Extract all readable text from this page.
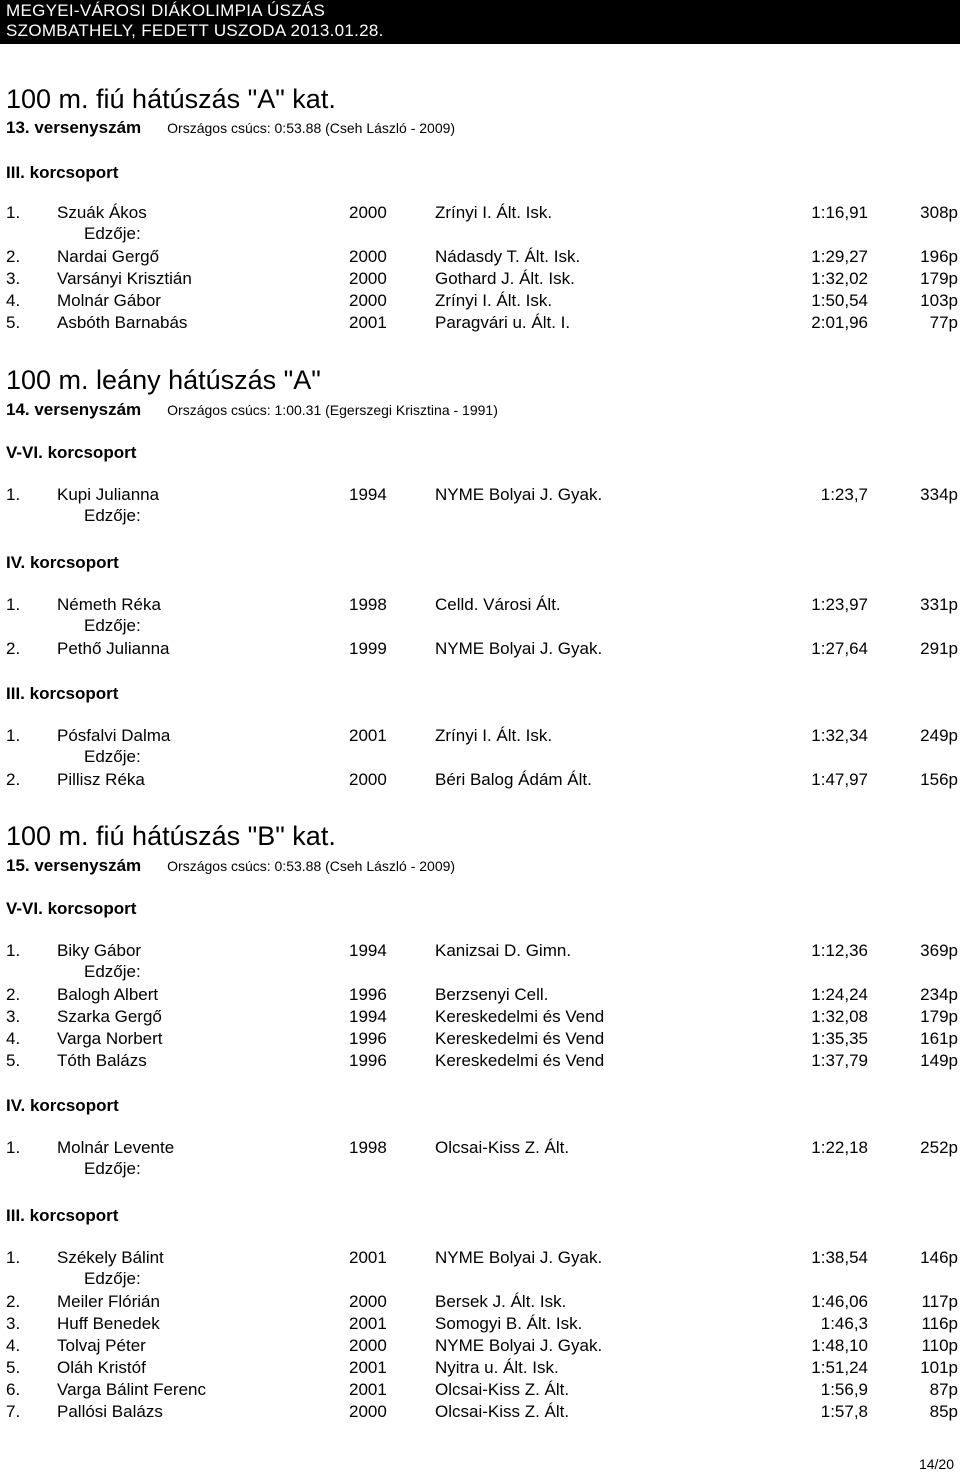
MEGYEI-VÁROSI DIÁKOLIMPIA ÚSZÁS
SZOMBATHELY, FEDETT USZODA 2013.01.28.
100 m. fiú hátúszás "A" kat.
13. versenyszám Országos csúcs: 0:53.88 (Cseh László - 2009)
III. korcsoport
1. Szuák Ákos	2000	Zrínyi I. Ált. Isk.	1:16,91	308p
2. Nardai Gergő	2000	Nádasdy T. Ált. Isk.	1:29,27	196p
3. Varsányi Krisztián	2000	Gothard J. Ált. Isk.	1:32,02	179p
4. Molnár Gábor	2000	Zrínyi I. Ált. Isk.	1:50,54	103p
5. Asbóth Barnabás	2001	Paragvári u. Ált. I.	2:01,96	77p
Edzője:
100 m. leány hátúszás "A"
14. versenyszám Országos csúcs: 1:00.31 (Egerszegi Krisztina - 1991)
V-VI. korcsoport
1. Kupi Julianna	1994	NYME Bolyai J. Gyak.	1:23,7	334p
Edzője:
IV. korcsoport
1. Németh Réka	1998	Celld. Városi Ált.	1:23,97	331p
2. Pethő Julianna	1999	NYME Bolyai J. Gyak.	1:27,64	291p
Edzője:
III. korcsoport
1. Pósfalvi Dalma	2001	Zrínyi I. Ált. Isk.	1:32,34	249p
2. Pillisz Réka	2000	Béri Balog Ádám Ált.	1:47,97	156p
Edzője:
100 m. fiú hátúszás "B" kat.
15. versenyszám Országos csúcs: 0:53.88 (Cseh László - 2009)
V-VI. korcsoport
1. Biky Gábor	1994	Kanizsai D. Gimn.	1:12,36	369p
2. Balogh Albert	1996	Berzsenyi Cell.	1:24,24	234p
3. Szarka Gergő	1994	Kereskedelmi és Vend	1:32,08	179p
4. Varga Norbert	1996	Kereskedelmi és Vend	1:35,35	161p
5. Tóth Balázs	1996	Kereskedelmi és Vend	1:37,79	149p
Edzője:
IV. korcsoport
1. Molnár Levente	1998	Olcsai-Kiss Z. Ált.	1:22,18	252p
Edzője:
III. korcsoport
1. Székely Bálint	2001	NYME Bolyai J. Gyak.	1:38,54	146p
2. Meiler Flórián	2000	Bersek J. Ált. Isk.	1:46,06	117p
3. Huff Benedek	2001	Somogyi B. Ált. Isk.	1:46,3	116p
4. Tolvaj Péter	2000	NYME Bolyai J. Gyak.	1:48,10	110p
5. Oláh Kristóf	2001	Nyitra u. Ált. Isk.	1:51,24	101p
6. Varga Bálint Ferenc	2001	Olcsai-Kiss Z. Ált.	1:56,9	87p
7. Pallósi Balázs	2000	Olcsai-Kiss Z. Ált.	1:57,8	85p
Edzője:
14/20
